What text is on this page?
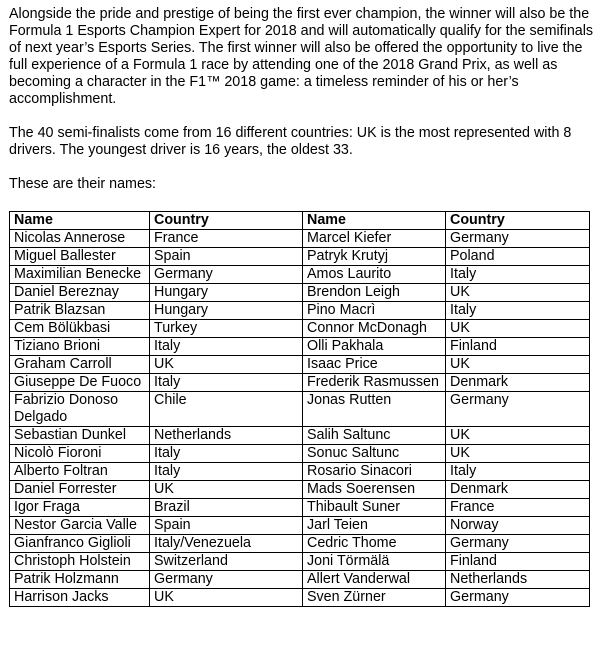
Alongside the pride and prestige of being the first ever champion, the winner will also be the Formula 1 Esports Champion Expert for 2018 and will automatically qualify for the semifinals of next year’s Esports Series. The first winner will also be offered the opportunity to live the full experience of a Formula 1 race by attending one of the 2018 Grand Prix, as well as becoming a character in the F1™ 2018 game: a timeless reminder of his or her’s accomplishment.

The 40 semi-finalists come from 16 different countries: UK is the most represented with 8 drivers. The youngest driver is 16 years, the oldest 33.

These are their names:

Name	Country	Name	Country
Nicolas Annerose	France	Marcel Kiefer	Germany
Miguel Ballester	Spain	Patryk Krutyj	Poland
Maximilian Benecke	Germany	Amos Laurito	Italy
Daniel Bereznay	Hungary	Brendon Leigh	UK
Patrik Blazsan	Hungary	Pino Macrì	Italy
Cem Bölükbasi	Turkey	Connor McDonagh	UK
Tiziano Brioni	Italy	Olli Pakhala	Finland
Graham Carroll	UK	Isaac Price	UK
Giuseppe De Fuoco	Italy	Frederik Rasmussen	Denmark
Fabrizio Donoso Delgado	Chile	Jonas Rutten	Germany
Sebastian Dunkel	Netherlands	Salih Saltunc	UK
Nicolò Fioroni	Italy	Sonuc Saltunc	UK
Alberto Foltran	Italy	Rosario Sinacori	Italy
Daniel Forrester	UK	Mads Soerensen	Denmark
Igor Fraga	Brazil	Thibault Suner	France
Nestor Garcia Valle	Spain	Jarl Teien	Norway
Gianfranco Giglioli	Italy/Venezuela	Cedric Thome	Germany
Christoph Holstein	Switzerland	Joni Törmälä	Finland
Patrik Holzmann	Germany	Allert Vanderwal	Netherlands
Harrison Jacks	UK	Sven Zürner	Germany
